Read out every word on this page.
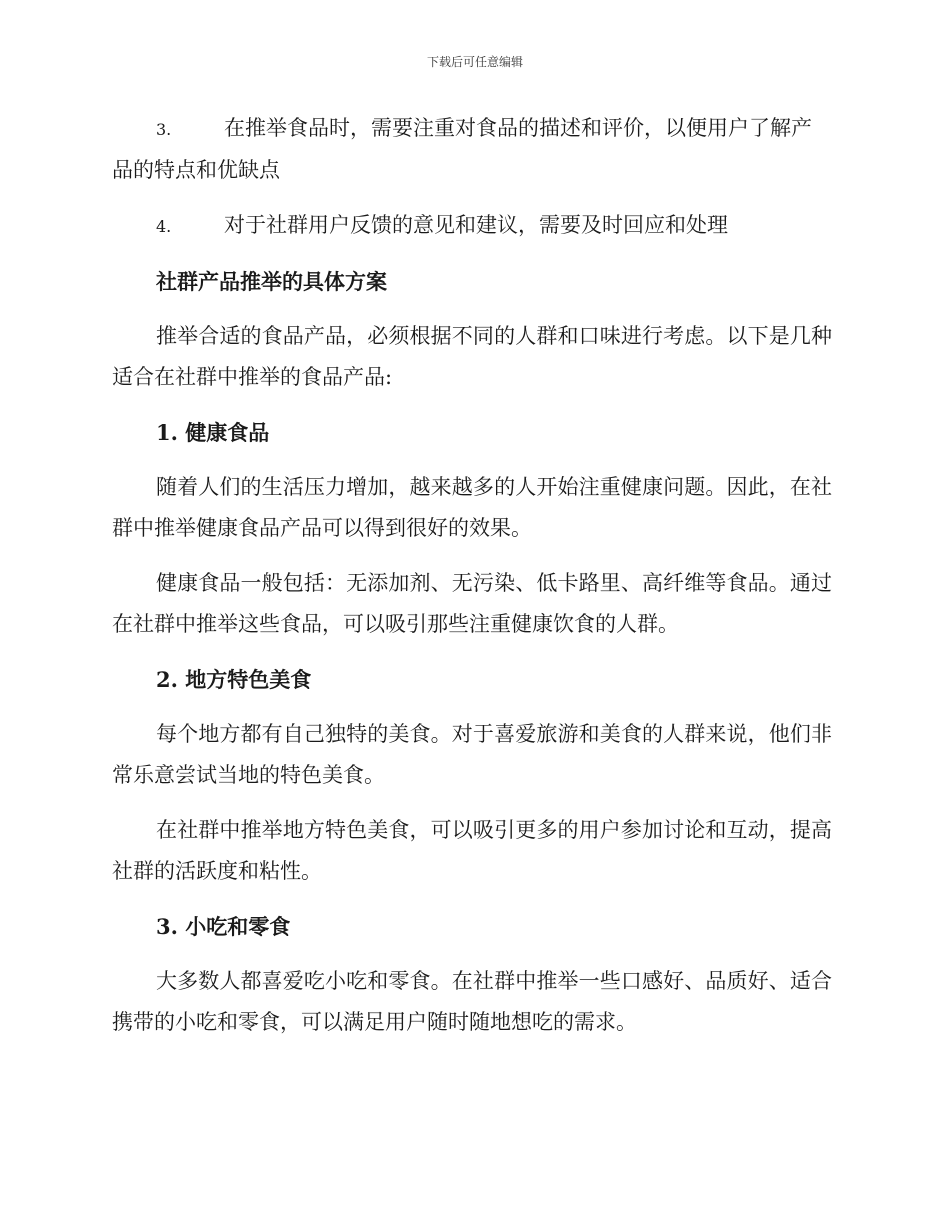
下载后可任意编辑
3.	在推举食品时，需要注重对食品的描述和评价，以便用户了解产品的特点和优缺点
4.	对于社群用户反馈的意见和建议，需要及时回应和处理
社群产品推举的具体方案

推举合适的食品产品，必须根据不同的人群和口味进行考虑。以下是几种适合在社群中推举的食品产品:

1. 健康食品

随着人们的生活压力增加，越来越多的人开始注重健康问题。因此，在社群中推举健康食品产品可以得到很好的效果。

健康食品一般包括：无添加剂、无污染、低卡路里、高纤维等食品。通过在社群中推举这些食品，可以吸引那些注重健康饮食的人群。

2. 地方特色美食

每个地方都有自己独特的美食。对于喜爱旅游和美食的人群来说，他们非常乐意尝试当地的特色美食。

在社群中推举地方特色美食，可以吸引更多的用户参加讨论和互动，提高社群的活跃度和粘性。

3. 小吃和零食

大多数人都喜爱吃小吃和零食。在社群中推举一些口感好、品质好、适合携带的小吃和零食，可以满足用户随时随地想吃的需求。
